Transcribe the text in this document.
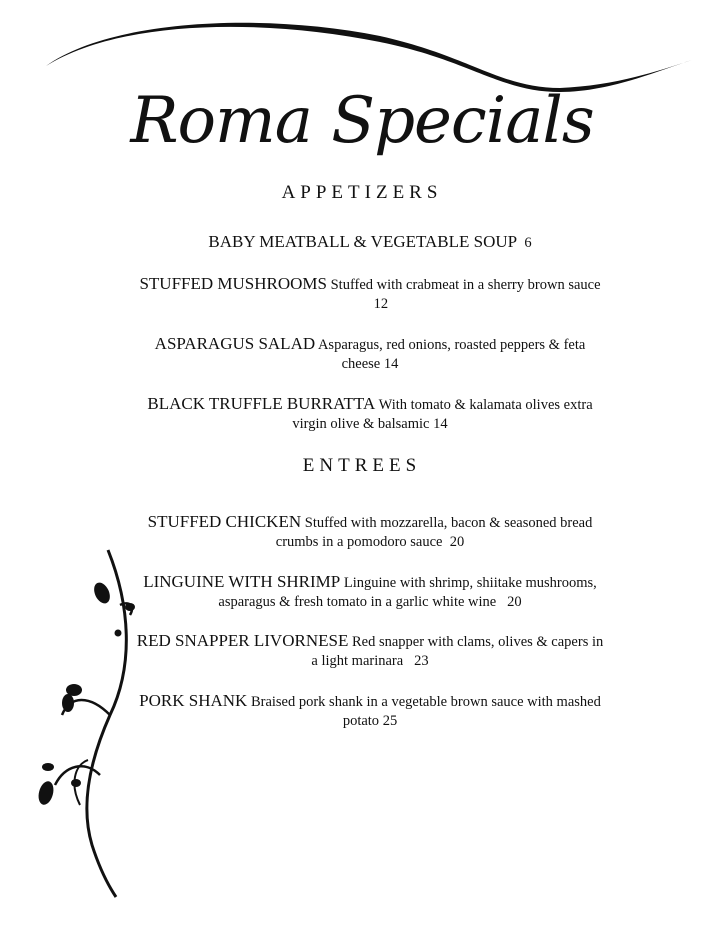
Roma Specials
APPETIZERS
BABY MEATBALL & VEGETABLE SOUP 6
STUFFED MUSHROOMS Stuffed with crabmeat in a sherry brown sauce       12
ASPARAGUS SALAD Asparagus, red onions, roasted peppers & feta cheese 14
BLACK TRUFFLE BURRATTA With tomato & kalamata olives extra virgin olive & balsamic 14
ENTREES
STUFFED CHICKEN Stuffed with mozzarella, bacon & seasoned bread crumbs in a pomodoro sauce 20
LINGUINE WITH SHRIMP Linguine with shrimp, shiitake mushrooms, asparagus & fresh tomato in a garlic white wine 20
RED SNAPPER LIVORNESE Red snapper with clams, olives & capers in a light marinara 23
PORK SHANK Braised pork shank in a vegetable brown sauce with mashed potato 25
